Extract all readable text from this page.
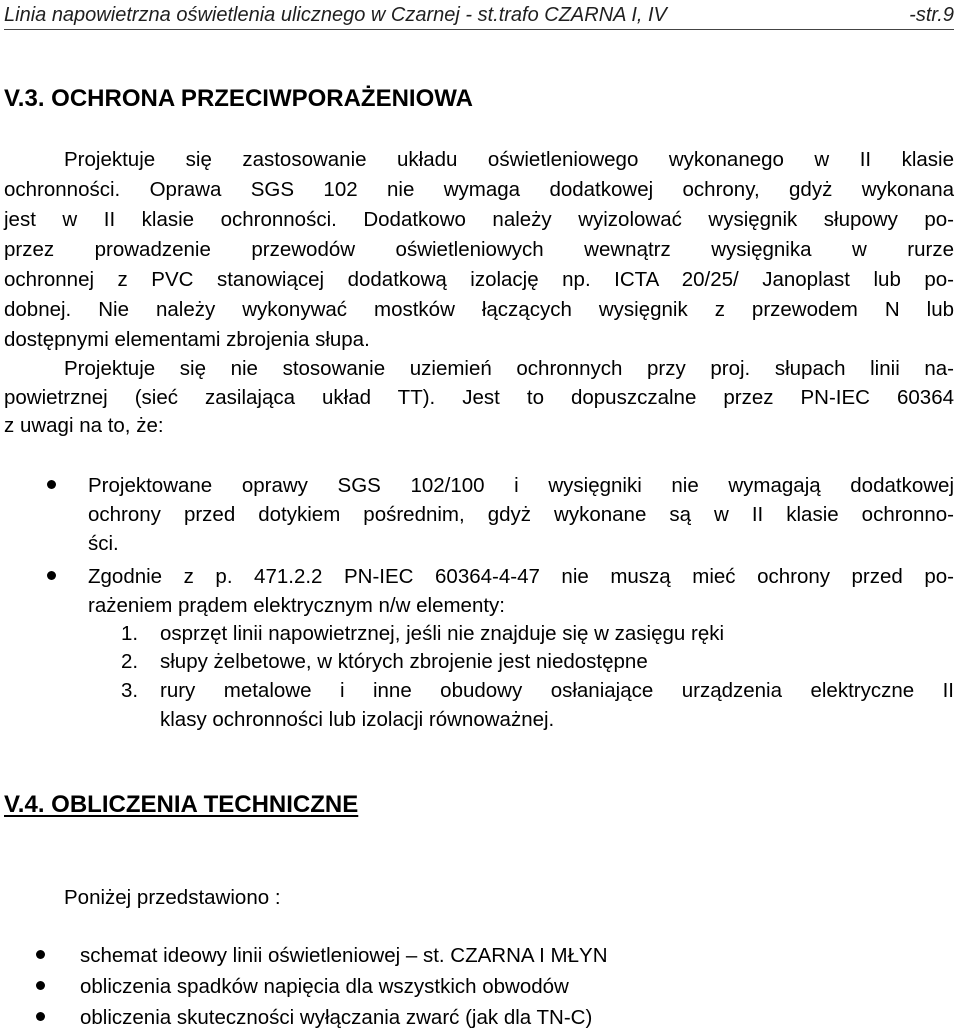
Linia napowietrzna oświetlenia ulicznego w Czarnej - st.trafo CZARNA I, IV	-str.9
V.3. OCHRONA PRZECIWPORAŻENIOWA
Projektuje się zastosowanie układu oświetleniowego wykonanego w II klasie
ochronności. Oprawa SGS 102 nie wymaga dodatkowej ochrony, gdyż wykonana
jest w II klasie ochronności. Dodatkowo należy wyizolować wysięgnik słupowy po-
przez prowadzenie przewodów oświetleniowych wewnątrz wysięgnika w rurze
ochronnej z PVC stanowiącej dodatkową izolację np. ICTA 20/25/ Janoplast lub po-
dobnej. Nie należy wykonywać mostków łączących wysięgnik z przewodem N lub
dostępnymi elementami zbrojenia słupa.
Projektuje się nie stosowanie uziemień ochronnych przy proj. słupach linii na-
powietrznej (sieć zasilająca układ TT). Jest to dopuszczalne przez PN-IEC 60364
z uwagi na to, że:
Projektowane oprawy SGS 102/100 i wysięgniki nie wymagają dodatkowej
ochrony przed dotykiem pośrednim, gdyż wykonane są w II klasie ochronno-
ści.
Zgodnie z p. 471.2.2 PN-IEC 60364-4-47 nie muszą mieć ochrony przed po-
rażeniem prądem elektrycznym n/w elementy:
1. osprzęt linii napowietrznej, jeśli nie znajduje się w zasięgu ręki
2. słupy żelbetowe, w których zbrojenie jest niedostępne
3. rury metalowe i inne obudowy osłaniające urządzenia elektryczne II
klasy ochronności lub izolacji równoważnej.
V.4. OBLICZENIA TECHNICZNE
Poniżej przedstawiono :
schemat ideowy linii oświetleniowej – st. CZARNA I MŁYN
obliczenia spadków napięcia dla wszystkich obwodów
obliczenia skuteczności wyłączania zwarć (jak dla TN-C)
